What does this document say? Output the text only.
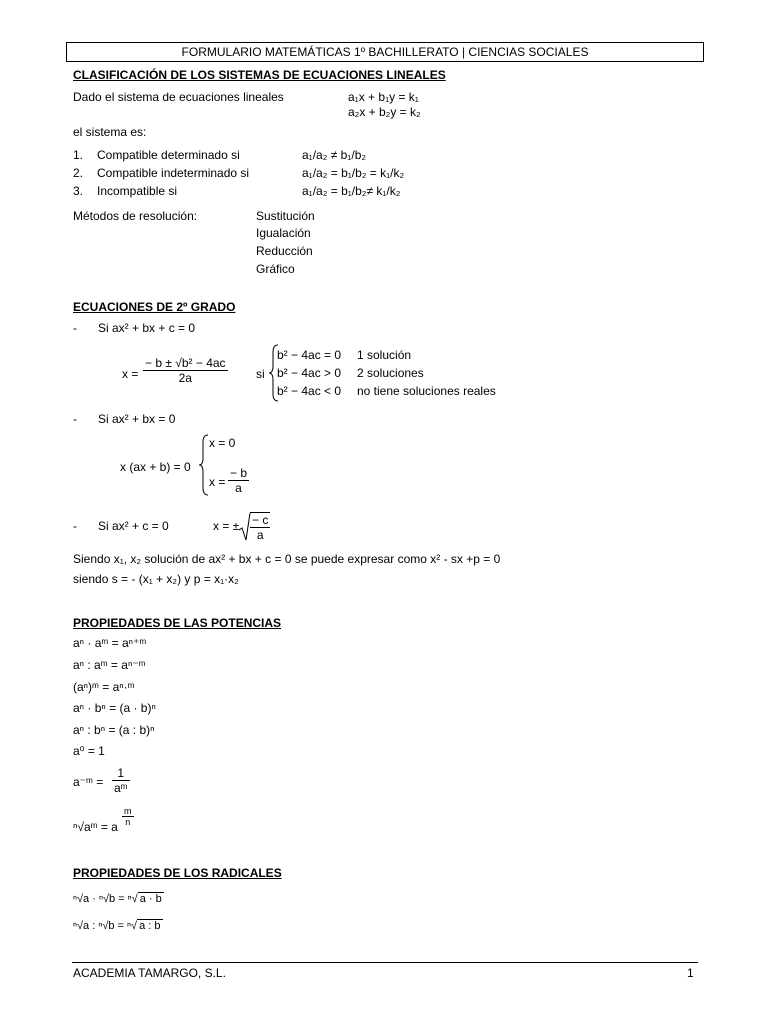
FORMULARIO MATEMÁTICAS 1º BACHILLERATO | CIENCIAS SOCIALES
CLASIFICACIÓN DE LOS SISTEMAS DE ECUACIONES LINEALES
Dado el sistema de ecuaciones lineales	a₁x + b₁y = k₁
a₂x + b₂y = k₂
el sistema es:
1. Compatible determinado si	a₁/a₂ ≠ b₁/b₂
2. Compatible indeterminado si	a₁/a₂ = b₁/b₂ = k₁/k₂
3. Incompatible si	a₁/a₂ = b₁/b₂≠ k₁/k₂
Métodos de resolución:	Sustitución
Igualación
Reducción
Gráfico
ECUACIONES DE 2º GRADO
- Si ax² + bx + c = 0
$x = \frac{\text{− b ± √b² − 4ac}}{2a}$ si
b² − 4ac = 0 1 solución
b² − 4ac > 0 2 soluciones
b² − 4ac < 0 no tiene soluciones reales
- Si ax² + bx = 0
x (ax + b) = 0
x = 0
$x = \frac{- b}{a}$
- Si ax² + c = 0	x = ± $\frac{- c}{a}$
Siendo x₁, x₂ solución de ax² + bx + c = 0 se puede expresar como x² - sx +p = 0
siendo s = - (x₁ + x₂) y p = x₁·x₂
PROPIEDADES DE LAS POTENCIAS
aⁿ · aᵐ = aⁿ⁺ᵐ
aⁿ : aᵐ = aⁿ⁻ᵐ
(aⁿ)ᵐ = aⁿ·ᵐ
aⁿ · bⁿ = (a · b)ⁿ
aⁿ : bⁿ = (a : b)ⁿ
a⁰ = 1
a⁻ᵐ = $\frac{1}{\text{aᵐ}}$
ⁿ√aᵐ = a $\frac{m}{n}$
PROPIEDADES DE LOS RADICALES
ⁿ√a · ⁿ√b = ⁿ√ a · b
ⁿ√a : ⁿ√b = ⁿ√ a : b
ACADEMIA TAMARGO, S.L.	1
